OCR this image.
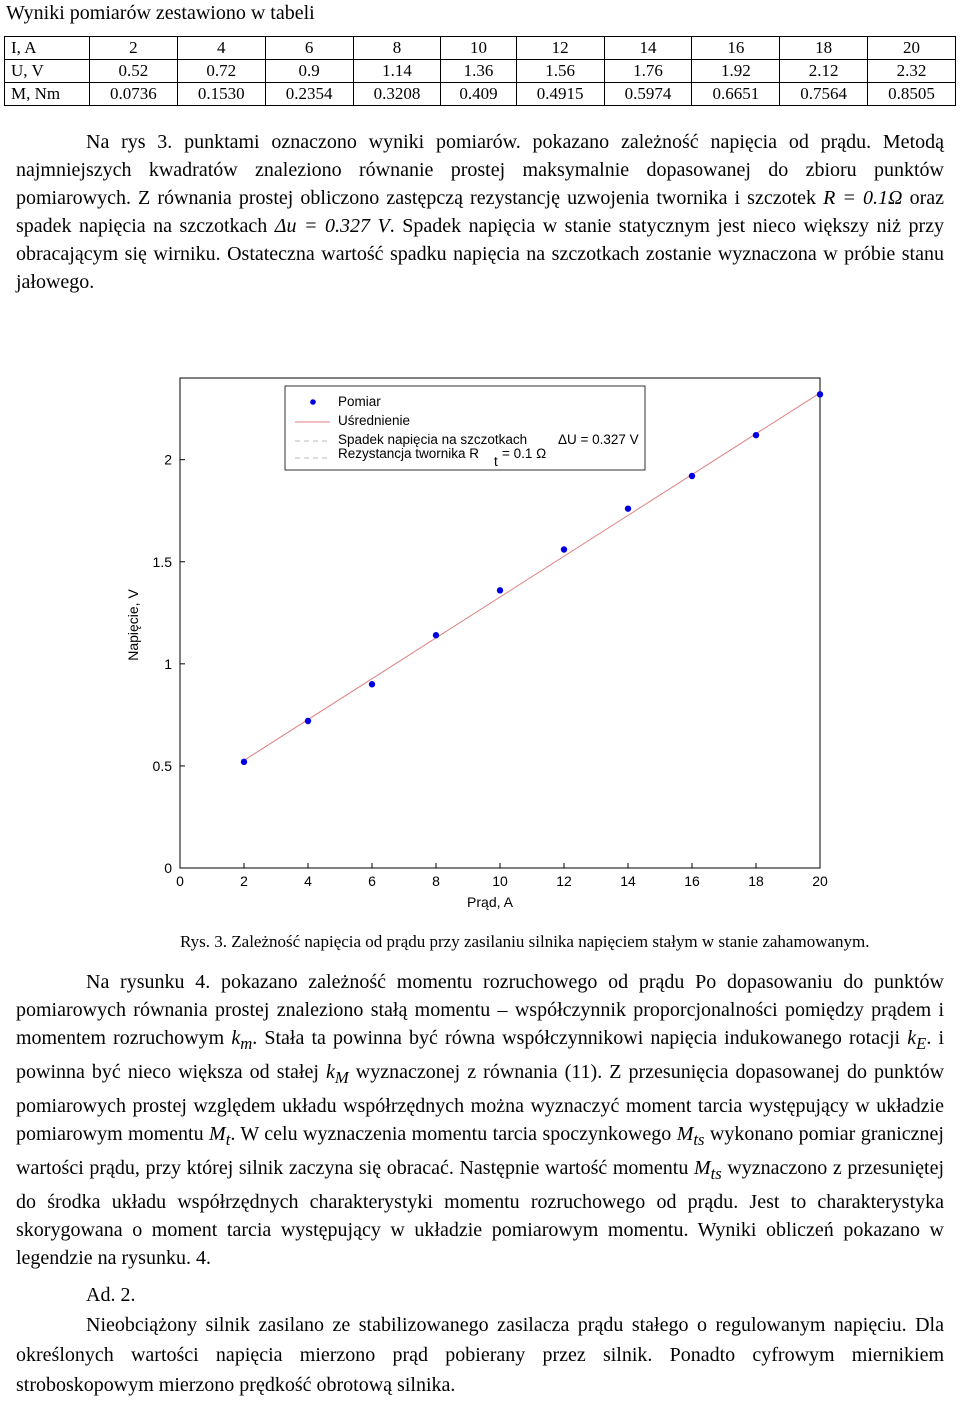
Wyniki pomiarów zestawiono w tabeli
I, A	2	4	6	8	10	12	14	16	18	20
U, V	0.52	0.72	0.9	1.14	1.36	1.56	1.76	1.92	2.12	2.32
M, Nm	0.0736	0.1530	0.2354	0.3208	0.409	0.4915	0.5974	0.6651	0.7564	0.8505
Na rys 3. punktami oznaczono wyniki pomiarów. pokazano zależność napięcia od prądu. Metodą najmniejszych kwadratów znaleziono równanie prostej maksymalnie dopasowanej do zbioru punktów pomiarowych. Z równania prostej obliczono zastępczą rezystancję uzwojenia twornika i szczotek R = 0.1Ω oraz spadek napięcia na szczotkach Δu = 0.327 V. Spadek napięcia w stanie statycznym jest nieco większy niż przy obracającym się wirniku. Ostateczna wartość spadku napięcia na szczotkach zostanie wyznaczona w próbie stanu jałowego.
0
0.5
1
1.5
2
0	2	4	6	8	10	12	14	16	18	20
Prąd, A
Napięcie, V
Pomiar
Uśrednienie
Spadek napięcia na szczotkach ΔU = 0.327 V
Rezystancja twornika R
t
= 0.1 Ω
Rys. 3. Zależność napięcia od prądu przy zasilaniu silnika napięciem stałym w stanie zahamowanym.
Na rysunku 4. pokazano zależność momentu rozruchowego od prądu Po dopasowaniu do punktów pomiarowych równania prostej znaleziono stałą momentu – współczynnik proporcjonalności pomiędzy prądem i momentem rozruchowym $k_m$. Stała ta powinna być równa współczynnikowi napięcia indukowanego rotacji $k_E$. i powinna być nieco większa od stałej $k_M$ wyznaczonej z równania (11). Z przesunięcia dopasowanej do punktów pomiarowych prostej względem układu współrzędnych można wyznaczyć moment tarcia występujący w układzie pomiarowym momentu $M_t$. W celu wyznaczenia momentu tarcia spoczynkowego $M_{ts}$ wykonano pomiar granicznej wartości prądu, przy której silnik zaczyna się obracać. Następnie wartość momentu $M_{ts}$ wyznaczono z przesuniętej do środka układu współrzędnych charakterystyki momentu rozruchowego od prądu. Jest to charakterystyka skorygowana o moment tarcia występujący w układzie pomiarowym momentu. Wyniki obliczeń pokazano w legendzie na rysunku. 4.
Ad. 2.
Nieobciążony silnik zasilano ze stabilizowanego zasilacza prądu stałego o regulowanym napięciu. Dla określonych wartości napięcia mierzono prąd pobierany przez silnik. Ponadto cyfrowym miernikiem stroboskopowym mierzono prędkość obrotową silnika.
